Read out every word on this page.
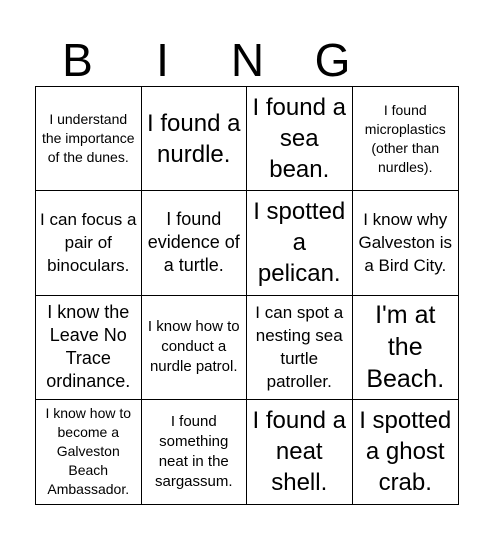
B	I	N	G
I understand the importance of the dunes.
I found a nurdle.
I found a sea bean.
I found microplastics (other than nurdles).
I can focus a pair of binoculars.
I found evidence of a turtle.
I spotted a pelican.
I know why Galveston is a Bird City.
I know the Leave No Trace ordinance.
I know how to conduct a nurdle patrol.
I can spot a nesting sea turtle patroller.
I'm at the Beach.
I know how to become a Galveston Beach Ambassador.
I found something neat in the sargassum.
I found a neat shell.
I spotted a ghost crab.
